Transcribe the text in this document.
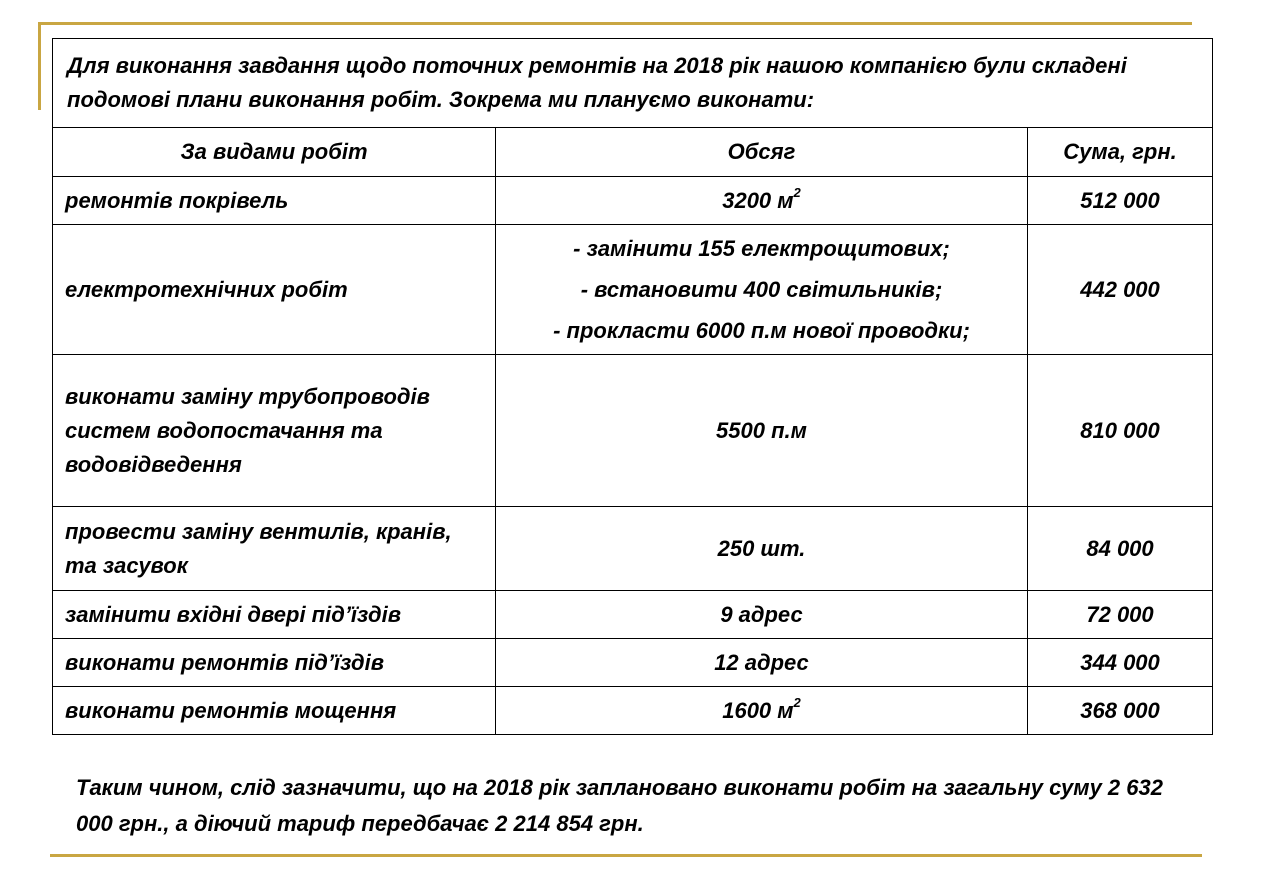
Для виконання завдання щодо поточних ремонтів на 2018 рік нашою компанією були складені подомові плани виконання робіт. Зокрема ми плануємо виконати:		
За видами робіт	Обсяг	Сума, грн.
ремонтів покрівель	3200 $м^2$	512 000
електротехнічних робіт	- замінити 155 електрощитових;
- встановити 400 світильників;
- прокласти 6000 п.м нової проводки;	442 000
виконати заміну трубопроводів систем водопостачання та водовідведення	5500 п.м	810 000
провести заміну вентилів, кранів, та засувок	250 шт.	84 000
замінити вхідні двері під’їздів	9 адрес	72 000
виконати ремонтів під’їздів	12 адрес	344 000
виконати ремонтів мощення	1600 $м^2$	368 000
Таким чином, слід зазначити, що на 2018 рік заплановано виконати робіт на загальну суму 2 632 000 грн., а діючий тариф передбачає 2 214 854 грн.
